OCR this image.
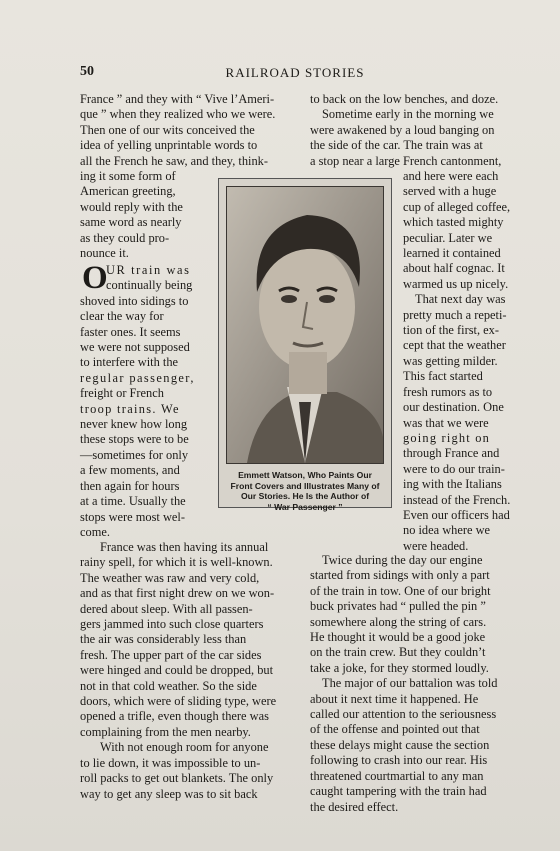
50	RAILROAD STORIES

France ” and they with “ Vive l’Ameri-
que ” when they realized who we were.
Then one of our wits conceived the
idea of yelling unprintable words to
all the French he saw, and they, think-

ing it some form of
American greeting,
would reply with the
same word as nearly
as they could pro-
nounce it.

O

UR train was
continually being
shoved into sidings to
clear the way for
faster ones. It seems
we were not supposed
to interfere with the
regular passenger,
freight or French
troop trains. We
never knew how long
these stops were to be
—sometimes for only
a few moments, and
then again for hours
at a time. Usually the
stops were most wel-
come.

France was then having its annual
rainy spell, for which it is well-known.
The weather was raw and very cold,
and as that first night drew on we won-
dered about sleep. With all passen-
gers jammed into such close quarters
the air was considerably less than
fresh. The upper part of the car sides
were hinged and could be dropped, but
not in that cold weather. So the side
doors, which were of sliding type, were
opened a trifle, even though there was
complaining from the men nearby.
With not enough room for anyone
to lie down, it was impossible to un-
roll packs to get out blankets. The only
way to get any sleep was to sit back

Emmett Watson, Who Paints Our
Front Covers and Illustrates Many of
Our Stories. He Is the Author of
“ War Passenger ”

to back on the low benches, and doze.
Sometime early in the morning we
were awakened by a loud banging on
the side of the car. The train was at
a stop near a large French cantonment,

and here were each
served with a huge
cup of alleged coffee,
which tasted mighty
peculiar. Later we
learned it contained
about half cognac. It
warmed us up nicely.
That next day was
pretty much a repeti-
tion of the first, ex-
cept that the weather
was getting milder.
This fact started
fresh rumors as to
our destination. One
was that we were
going right on
through France and
were to do our train-
ing with the Italians
instead of the French.
Even our officers had
no idea where we
were headed.

Twice during the day our engine
started from sidings with only a part
of the train in tow. One of our bright
buck privates had “ pulled the pin ”
somewhere along the string of cars.
He thought it would be a good joke
on the train crew. But they couldn’t
take a joke, for they stormed loudly.
The major of our battalion was told
about it next time it happened. He
called our attention to the seriousness
of the offense and pointed out that
these delays might cause the section
following to crash into our rear. His
threatened courtmartial to any man
caught tampering with the train had
the desired effect.
